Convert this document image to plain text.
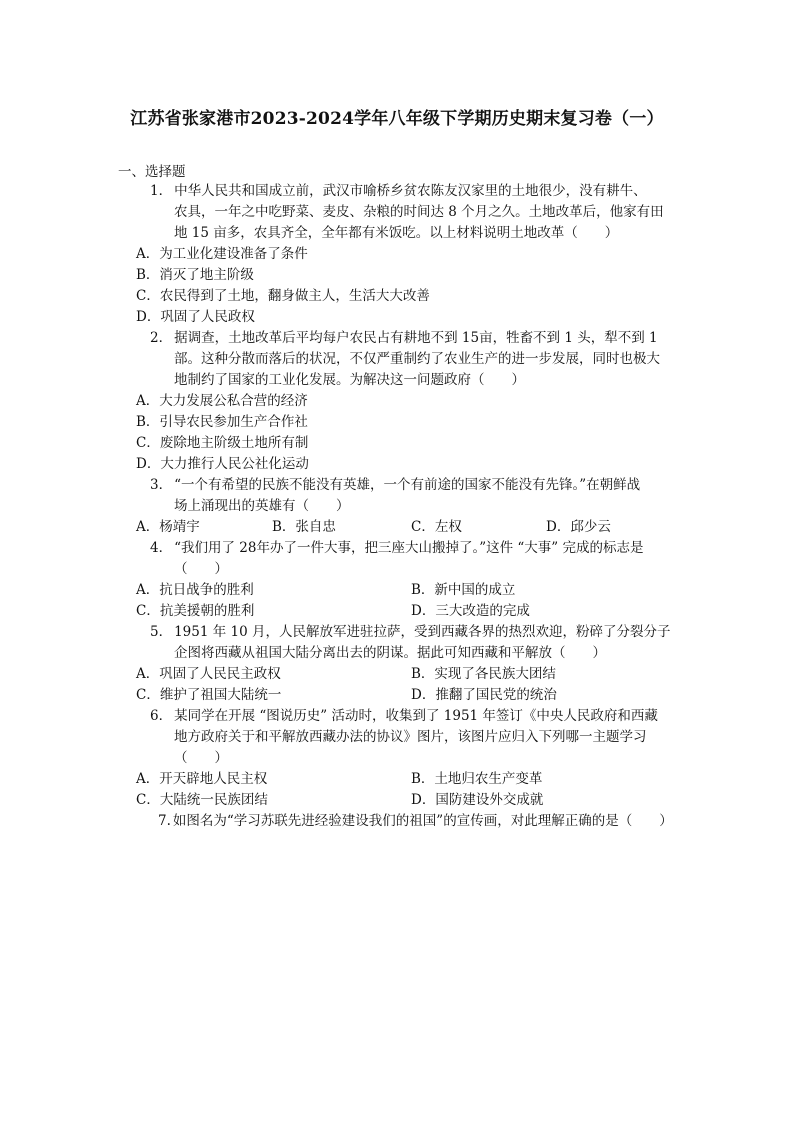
江苏省张家港市2023-2024学年八年级下学期历史期末复习卷（一）
一、选择题
1． 中华人民共和国成立前，武汉市喻桥乡贫农陈友汉家里的土地很少，没有耕牛、
农具，一年之中吃野菜、麦皮、杂粮的时间达 8 个月之久。土地改革后，他家有田
地 15 亩多，农具齐全，全年都有米饭吃。以上材料说明土地改革（　　）
A．为工业化建设准备了条件
B．消灭了地主阶级
C．农民得到了土地，翻身做主人，生活大大改善
D．巩固了人民政权
2． 据调查，土地改革后平均每户农民占有耕地不到 15亩，牲畜不到 1 头，犁不到 1
部。这种分散而落后的状况，不仅严重制约了农业生产的进一步发展，同时也极大
地制约了国家的工业化发展。为解决这一问题政府（　　）
A．大力发展公私合营的经济
B．引导农民参加生产合作社
C．废除地主阶级土地所有制
D．大力推行人民公社化运动
3． “一个有希望的民族不能没有英雄，一个有前途的国家不能没有先锋。”在朝鲜战
场上涌现出的英雄有（　　）
A．杨靖宇	B．张自忠	C．左权	D．邱少云
4． “我们用了 28年办了一件大事，把三座大山搬掉了。”这件 “大事” 完成的标志是
（　　）
A．抗日战争的胜利	B．新中国的成立
C．抗美援朝的胜利	D．三大改造的完成
5． 1951 年 10 月，人民解放军进驻拉萨，受到西藏各界的热烈欢迎，粉碎了分裂分子
企图将西藏从祖国大陆分离出去的阴谋。据此可知西藏和平解放（　　）
A．巩固了人民民主政权	B．实现了各民族大团结
C．维护了祖国大陆统一	D．推翻了国民党的统治
6． 某同学在开展 “图说历史” 活动时，收集到了 1951 年签订《中央人民政府和西藏
地方政府关于和平解放西藏办法的协议》图片，该图片应归入下列哪一主题学习
（　　）
A．开天辟地人民主权	B．土地归农生产变革
C．大陆统一民族团结	D．国防建设外交成就
7. 如图名为“学习苏联先进经验建设我们的祖国”的宣传画，对此理解正确的是（　　）
